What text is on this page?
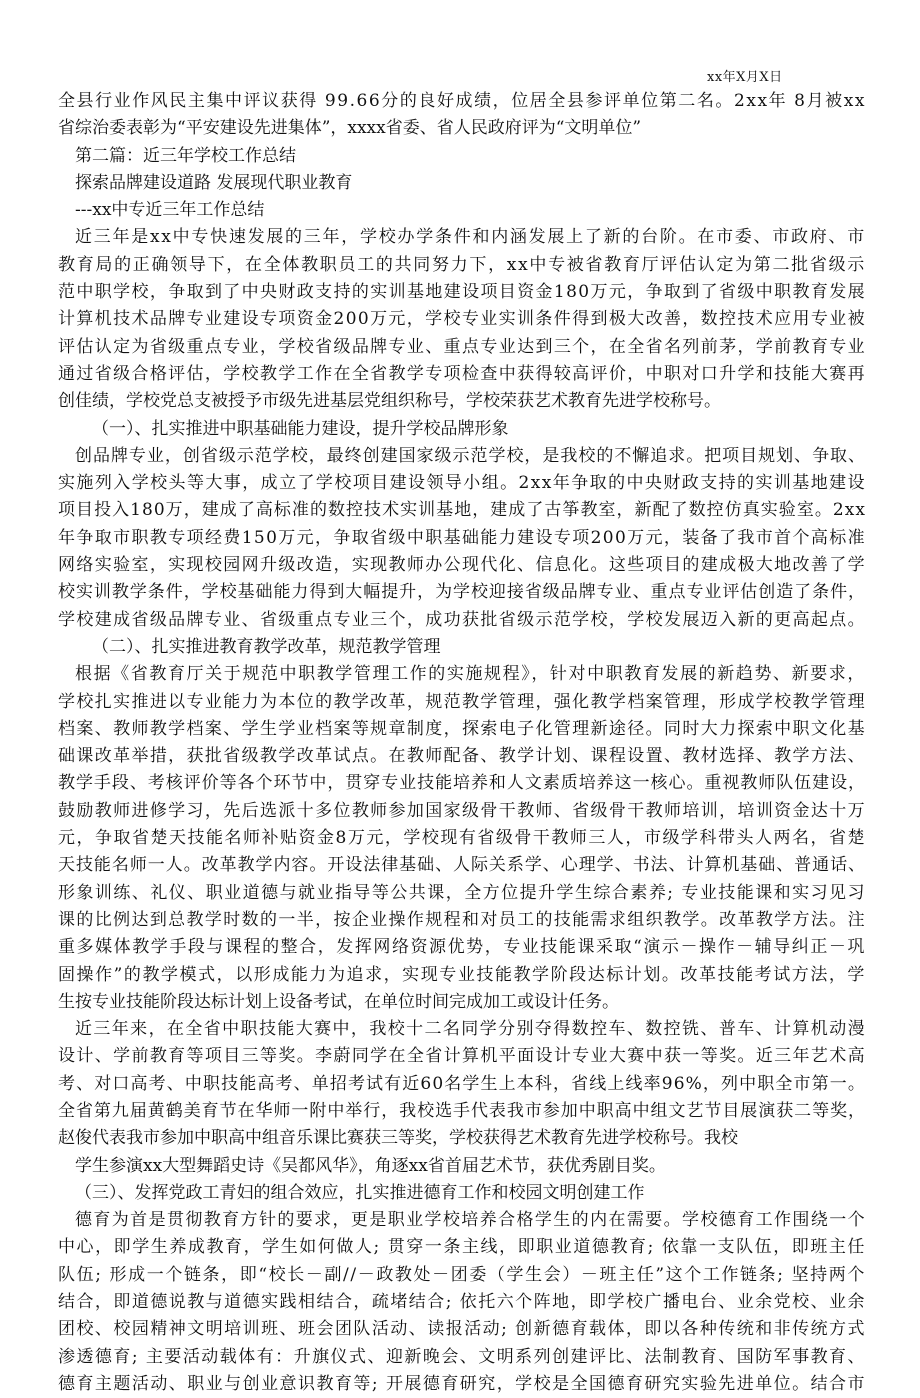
xx年X月X日
全县行业作风民主集中评议获得 99.66分的良好成绩，位居全县参评单位第二名。2xx年 8月被xx
省综治委表彰为“平安建设先进集体”，xxxx省委、省人民政府评为“文明单位”
第二篇：近三年学校工作总结
探索品牌建设道路 发展现代职业教育
---xx中专近三年工作总结
近三年是xx中专快速发展的三年，学校办学条件和内涵发展上了新的台阶。在市委、市政府、市
教育局的正确领导下，在全体教职员工的共同努力下，xx中专被省教育厅评估认定为第二批省级示
范中职学校，争取到了中央财政支持的实训基地建设项目资金180万元，争取到了省级中职教育发展
计算机技术品牌专业建设专项资金200万元，学校专业实训条件得到极大改善，数控技术应用专业被
评估认定为省级重点专业，学校省级品牌专业、重点专业达到三个，在全省名列前茅，学前教育专业
通过省级合格评估，学校教学工作在全省教学专项检查中获得较高评价，中职对口升学和技能大赛再
创佳绩，学校党总支被授予市级先进基层党组织称号，学校荣获艺术教育先进学校称号。
（一）、扎实推进中职基础能力建设，提升学校品牌形象
创品牌专业，创省级示范学校，最终创建国家级示范学校，是我校的不懈追求。把项目规划、争取、
实施列入学校头等大事，成立了学校项目建设领导小组。2xx年争取的中央财政支持的实训基地建设
项目投入180万，建成了高标准的数控技术实训基地，建成了古筝教室，新配了数控仿真实验室。2xx
年争取市职教专项经费150万元，争取省级中职基础能力建设专项200万元，装备了我市首个高标准
网络实验室，实现校园网升级改造，实现教师办公现代化、信息化。这些项目的建成极大地改善了学
校实训教学条件，学校基础能力得到大幅提升，为学校迎接省级品牌专业、重点专业评估创造了条件，
学校建成省级品牌专业、省级重点专业三个，成功获批省级示范学校，学校发展迈入新的更高起点。
（二）、扎实推进教育教学改革，规范教学管理
根据《省教育厅关于规范中职教学管理工作的实施规程》，针对中职教育发展的新趋势、新要求，
学校扎实推进以专业能力为本位的教学改革，规范教学管理，强化教学档案管理，形成学校教学管理
档案、教师教学档案、学生学业档案等规章制度，探索电子化管理新途径。同时大力探索中职文化基
础课改革举措，获批省级教学改革试点。在教师配备、教学计划、课程设置、教材选择、教学方法、
教学手段、考核评价等各个环节中，贯穿专业技能培养和人文素质培养这一核心。重视教师队伍建设，
鼓励教师进修学习，先后选派十多位教师参加国家级骨干教师、省级骨干教师培训，培训资金达十万
元，争取省楚天技能名师补贴资金8万元，学校现有省级骨干教师三人，市级学科带头人两名，省楚
天技能名师一人。改革教学内容。开设法律基础、人际关系学、心理学、书法、计算机基础、普通话、
形象训练、礼仪、职业道德与就业指导等公共课，全方位提升学生综合素养; 专业技能课和实习见习
课的比例达到总教学时数的一半，按企业操作规程和对员工的技能需求组织教学。改革教学方法。注
重多媒体教学手段与课程的整合，发挥网络资源优势，专业技能课采取“演示－操作－辅导纠正－巩
固操作”的教学模式，以形成能力为追求，实现专业技能教学阶段达标计划。改革技能考试方法，学
生按专业技能阶段达标计划上设备考试，在单位时间完成加工或设计任务。
近三年来，在全省中职技能大赛中，我校十二名同学分别夺得数控车、数控铣、普车、计算机动漫
设计、学前教育等项目三等奖。李蔚同学在全省计算机平面设计专业大赛中获一等奖。近三年艺术高
考、对口高考、中职技能高考、单招考试有近60名学生上本科，省线上线率96%，列中职全市第一。
全省第九届黄鹤美育节在华师一附中举行，我校选手代表我市参加中职高中组文艺节目展演获二等奖，
赵俊代表我市参加中职高中组音乐课比赛获三等奖，学校获得艺术教育先进学校称号。我校
学生参演xx大型舞蹈史诗《吴都风华》，角逐xx省首届艺术节，获优秀剧目奖。
（三）、发挥党政工青妇的组合效应，扎实推进德育工作和校园文明创建工作
德育为首是贯彻教育方针的要求，更是职业学校培养合格学生的内在需要。学校德育工作围绕一个
中心，即学生养成教育，学生如何做人; 贯穿一条主线，即职业道德教育; 依靠一支队伍，即班主任
队伍; 形成一个链条，即“校长－副//－政教处－团委（学生会）－班主任”这个工作链条; 坚持两个
结合，即道德说教与道德实践相结合，疏堵结合; 依托六个阵地，即学校广播电台、业余党校、业余
团校、校园精神文明培训班、班会团队活动、读报活动; 创新德育载体，即以各种传统和非传统方式
渗透德育; 主要活动载体有：升旗仪式、迎新晚会、文明系列创建评比、法制教育、国防军事教育、
德育主题活动、职业与创业意识教育等; 开展德育研究，学校是全国德育研究实验先进单位。结合市
